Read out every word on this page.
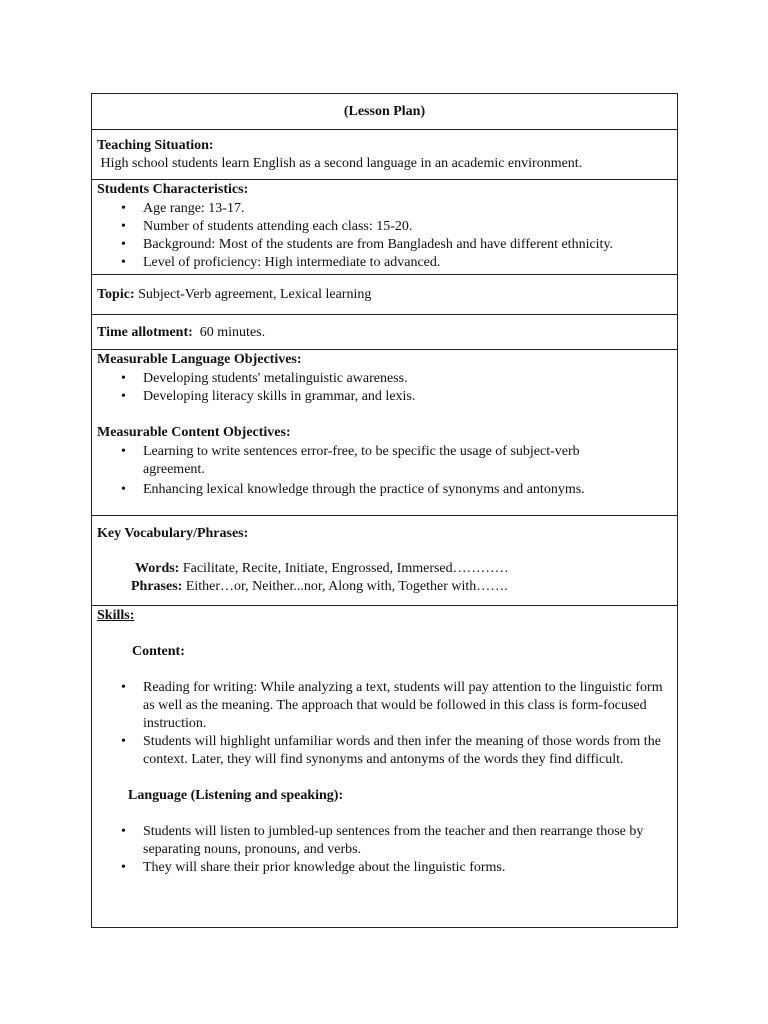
(Lesson Plan)
Teaching Situation:
High school students learn English as a second language in an academic environment.
Students Characteristics:
• Age range: 13-17.
• Number of students attending each class: 15-20.
• Background: Most of the students are from Bangladesh and have different ethnicity.
• Level of proficiency: High intermediate to advanced.
Topic: Subject-Verb agreement, Lexical learning
Time allotment:  60 minutes.
Measurable Language Objectives:
• Developing students' metalinguistic awareness.
• Developing literacy skills in grammar, and lexis.
Measurable Content Objectives:
• Learning to write sentences error-free, to be specific the usage of subject-verb agreement.
• Enhancing lexical knowledge through the practice of synonyms and antonyms.
Key Vocabulary/Phrases:
Words: Facilitate, Recite, Initiate, Engrossed, Immersed…………
Phrases: Either…or, Neither...nor, Along with, Together with…….
Skills:
Content:
• Reading for writing: While analyzing a text, students will pay attention to the linguistic form as well as the meaning. The approach that would be followed in this class is form-focused instruction.
• Students will highlight unfamiliar words and then infer the meaning of those words from the context. Later, they will find synonyms and antonyms of the words they find difficult.
Language (Listening and speaking):
• Students will listen to jumbled-up sentences from the teacher and then rearrange those by separating nouns, pronouns, and verbs.
• They will share their prior knowledge about the linguistic forms.
